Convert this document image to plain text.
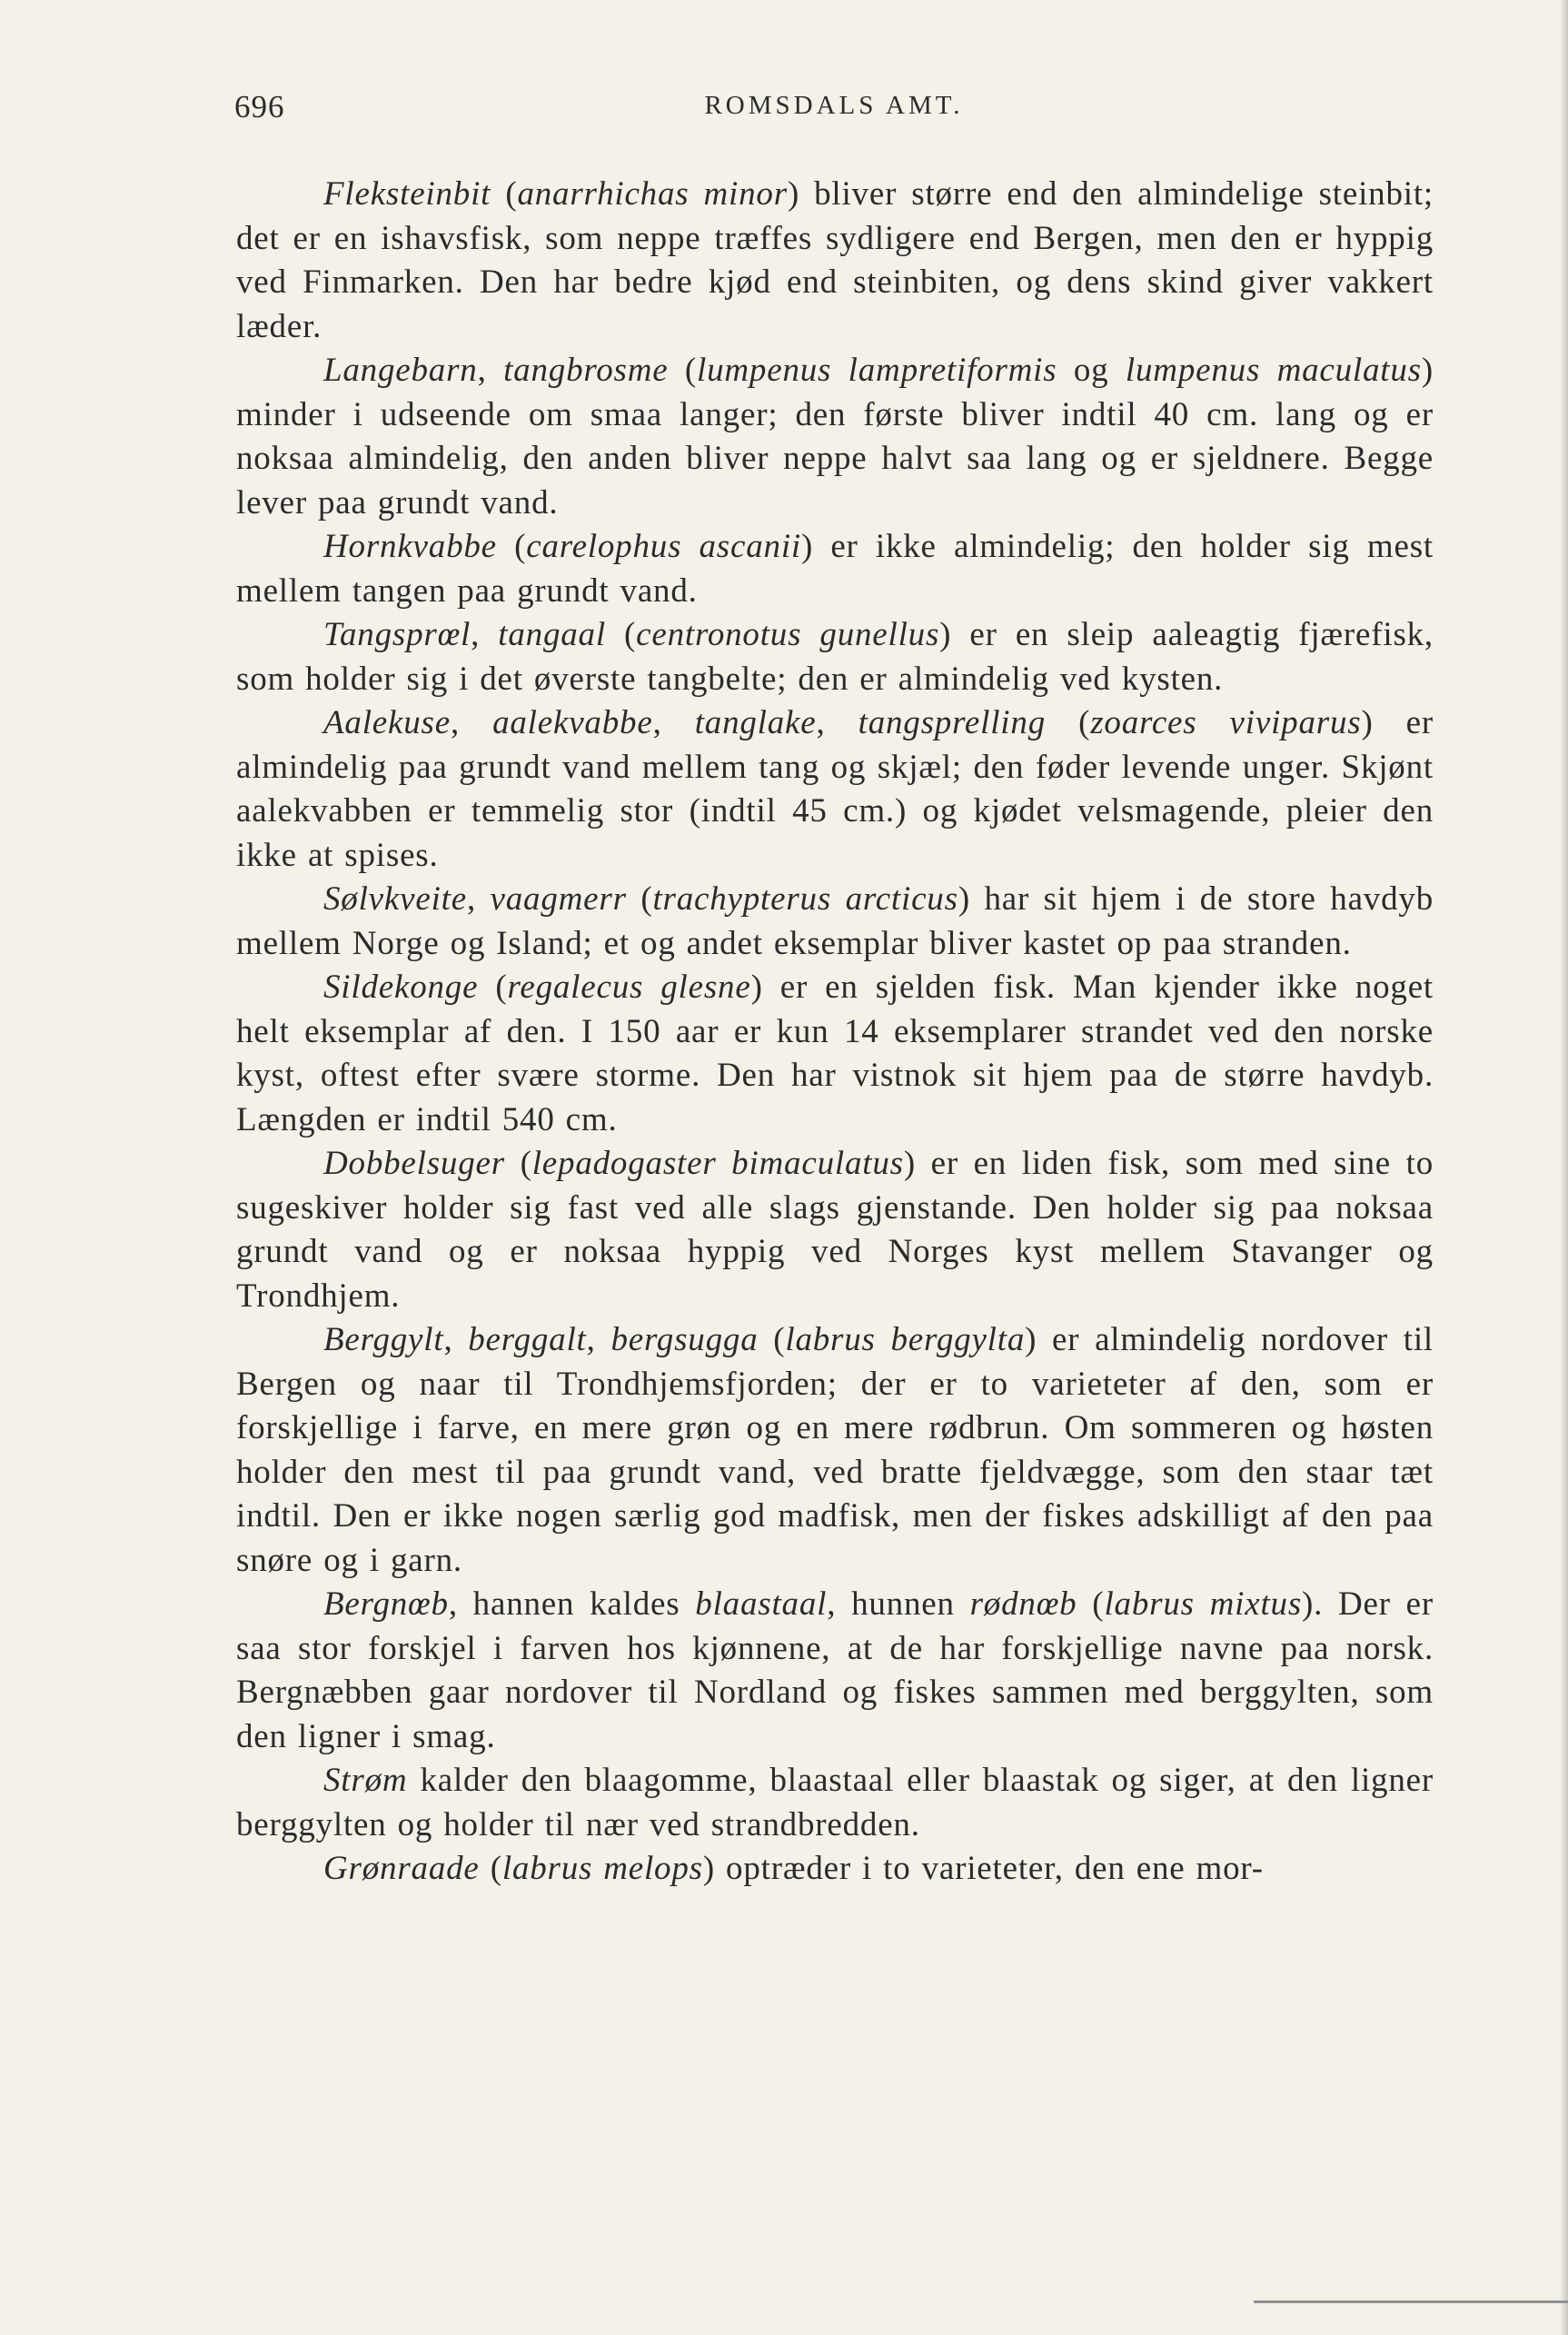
696	ROMSDALS AMT.

Fleksteinbit (anarrhichas minor) bliver større end den almindelige steinbit; det er en ishavsfisk, som neppe træffes sydligere end Bergen, men den er hyppig ved Finmarken. Den har bedre kjød end steinbiten, og dens skind giver vakkert læder.

Langebarn, tangbrosme (lumpenus lampretiformis og lumpenus maculatus) minder i udseende om smaa langer; den første bliver indtil 40 cm. lang og er noksaa almindelig, den anden bliver neppe halvt saa lang og er sjeldnere. Begge lever paa grundt vand.

Hornkvabbe (carelophus ascanii) er ikke almindelig; den holder sig mest mellem tangen paa grundt vand.

Tangsprœl, tangaal (centronotus gunellus) er en sleip aaleagtig fjærefisk, som holder sig i det øverste tangbelte; den er almindelig ved kysten.

Aalekuse, aalekvabbe, tanglake, tangsprelling (zoarces viviparus) er almindelig paa grundt vand mellem tang og skjæl; den føder levende unger. Skjønt aalekvabben er temmelig stor (indtil 45 cm.) og kjødet velsmagende, pleier den ikke at spises.

Sølvkveite, vaagmerr (trachypterus arcticus) har sit hjem i de store havdyb mellem Norge og Island; et og andet eksemplar bliver kastet op paa stranden.

Sildekonge (regalecus glesne) er en sjelden fisk. Man kjender ikke noget helt eksemplar af den. I 150 aar er kun 14 eksemplarer strandet ved den norske kyst, oftest efter svære storme. Den har vistnok sit hjem paa de større havdyb. Længden er indtil 540 cm.

Dobbelsuger (lepadogaster bimaculatus) er en liden fisk, som med sine to sugeskiver holder sig fast ved alle slags gjenstande. Den holder sig paa noksaa grundt vand og er noksaa hyppig ved Norges kyst mellem Stavanger og Trondhjem.

Berggylt, berggalt, bergsugga (labrus berggylta) er almindelig nordover til Bergen og naar til Trondhjemsfjorden; der er to varieteter af den, som er forskjellige i farve, en mere grøn og en mere rødbrun. Om sommeren og høsten holder den mest til paa grundt vand, ved bratte fjeldvægge, som den staar tæt indtil. Den er ikke nogen særlig god madfisk, men der fiskes adskilligt af den paa snøre og i garn.

Bergnœb, hannen kaldes blaastaal, hunnen rødnœb (labrus mixtus). Der er saa stor forskjel i farven hos kjønnene, at de har forskjellige navne paa norsk. Bergnæbben gaar nordover til Nordland og fiskes sammen med berggylten, som den ligner i smag.

Strøm kalder den blaagomme, blaastaal eller blaastak og siger, at den ligner berggylten og holder til nær ved strandbredden.

Grønraade (labrus melops) optræder i to varieteter, den ene mor-
